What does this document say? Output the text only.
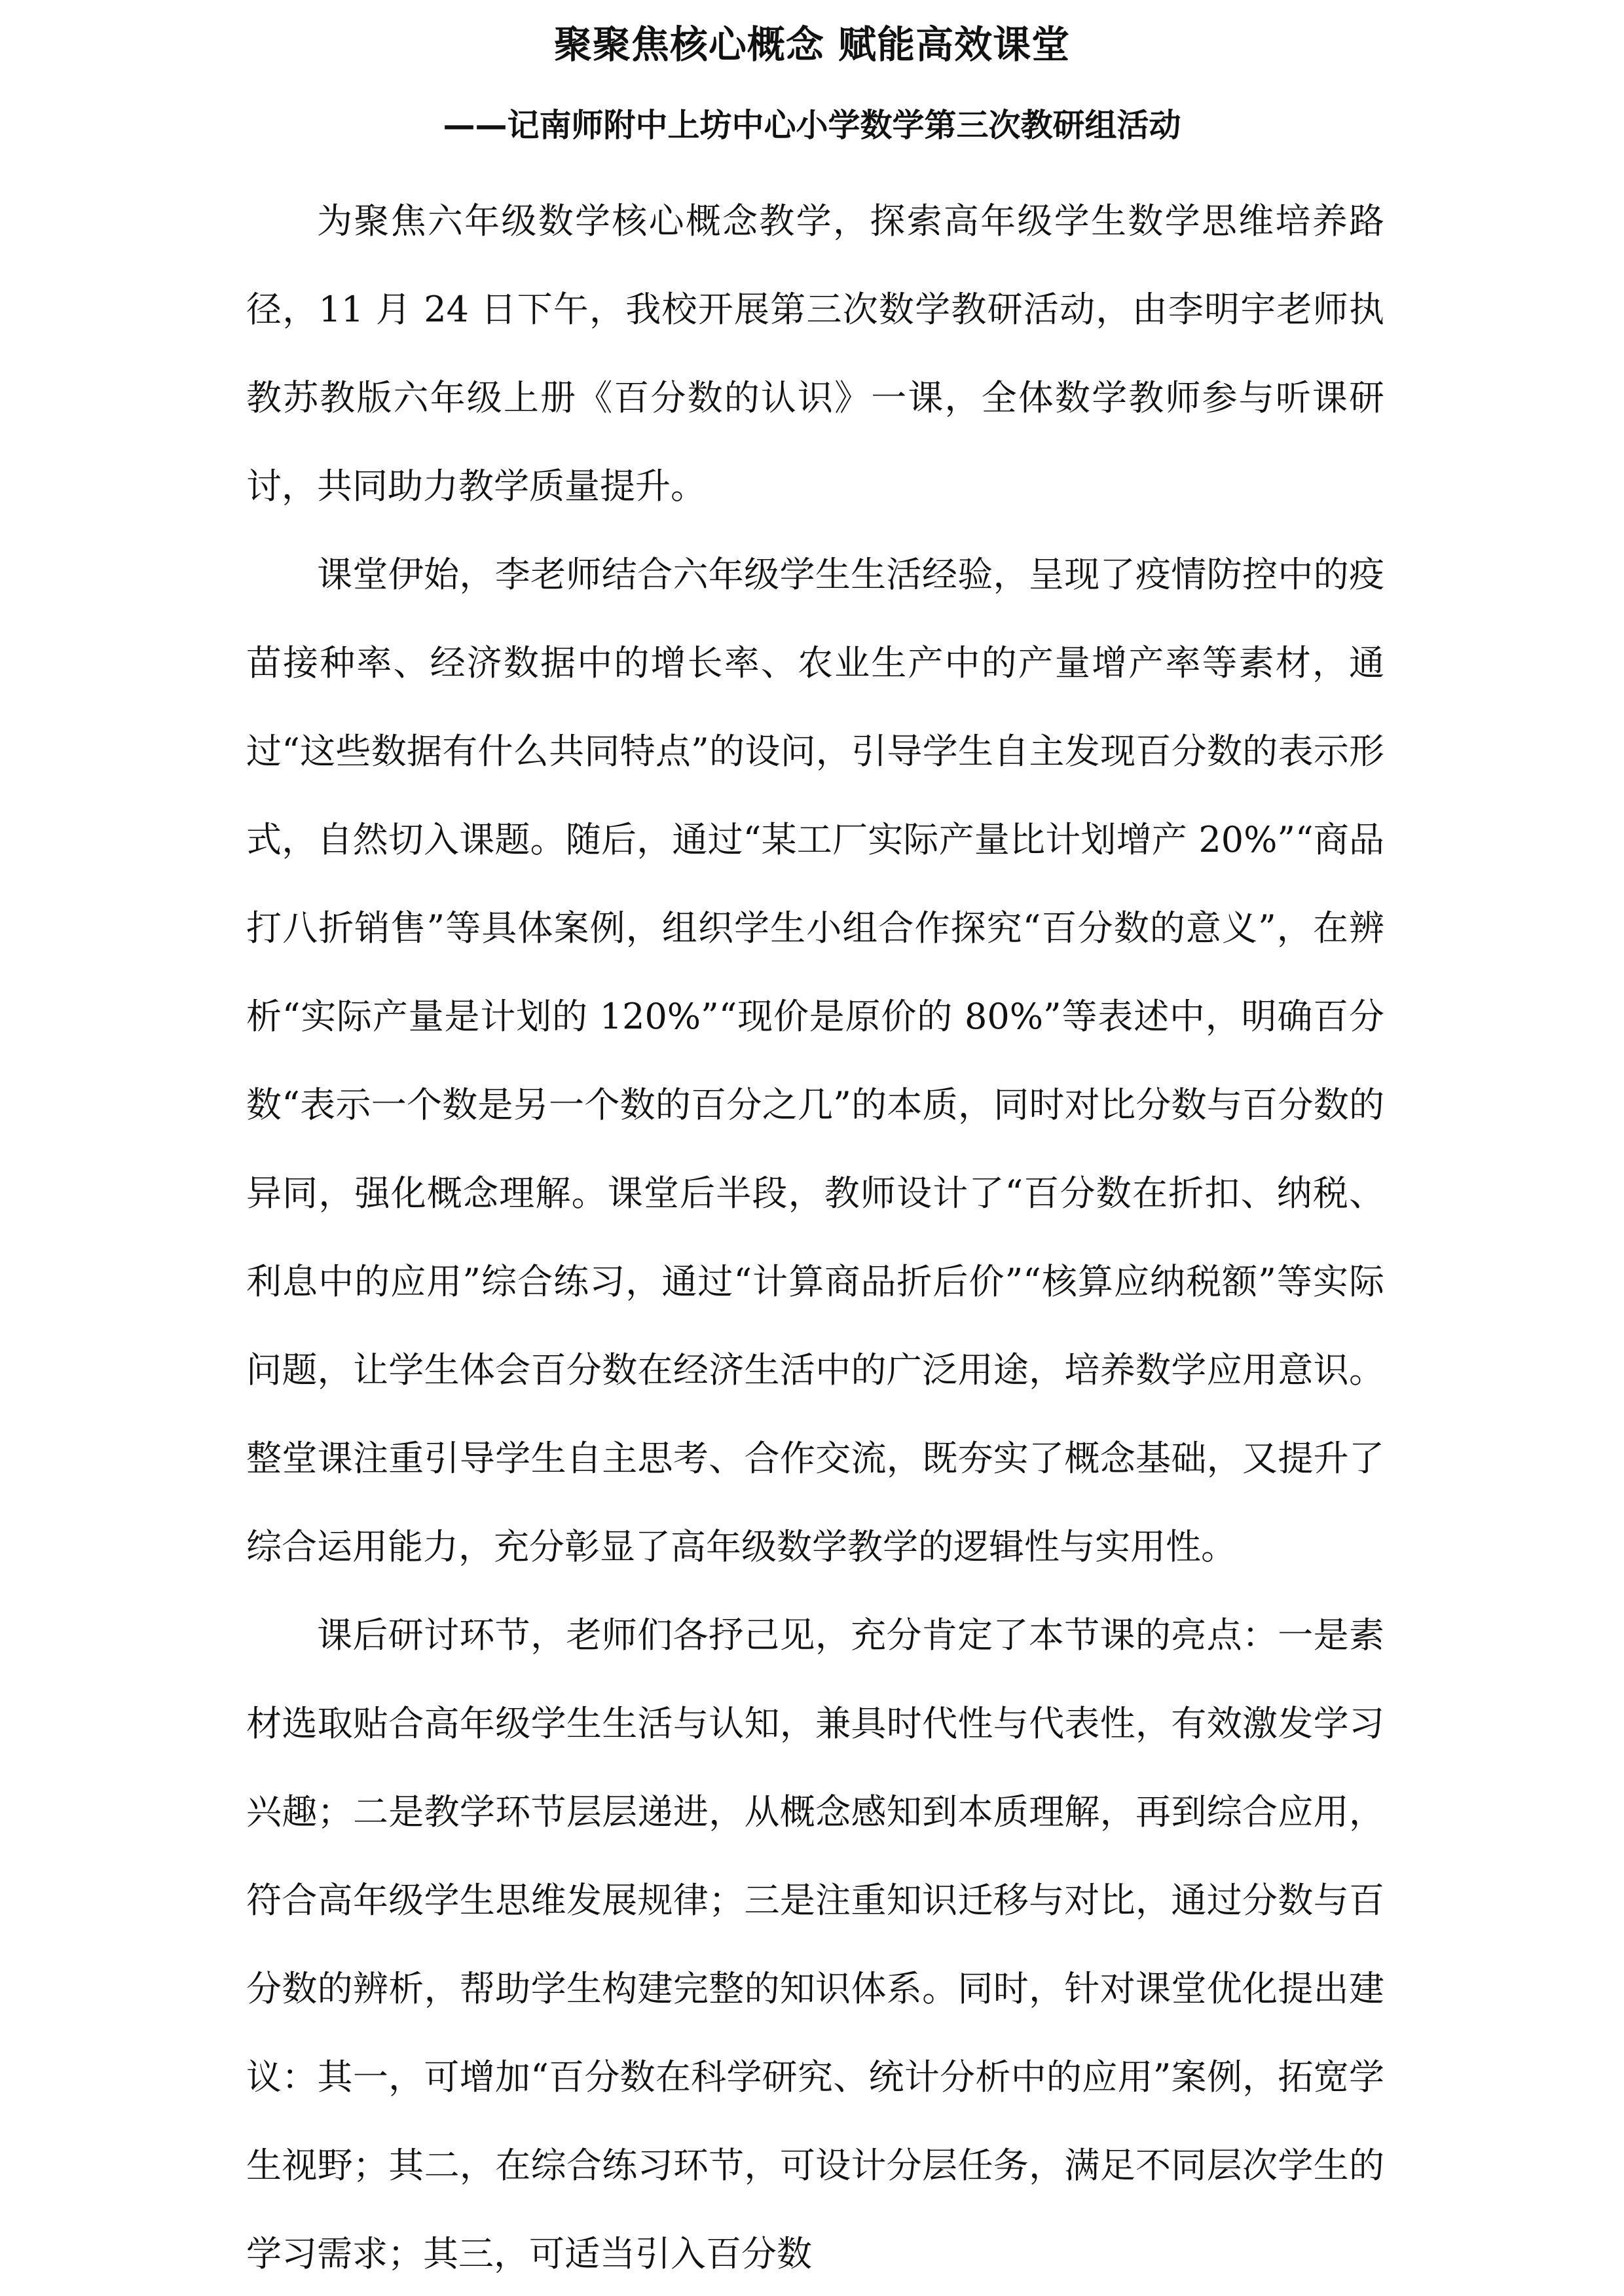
聚聚焦核心概念 赋能高效课堂
——记南师附中上坊中心小学数学第三次教研组活动

为聚焦六年级数学核心概念教学，探索高年级学生数学思维培养路径，11 月 24 日下午，我校开展第三次数学教研活动，由李明宇老师执教苏教版六年级上册《百分数的认识》一课，全体数学教师参与听课研讨，共同助力教学质量提升。

课堂伊始，李老师结合六年级学生生活经验，呈现了疫情防控中的疫苗接种率、经济数据中的增长率、农业生产中的产量增产率等素材，通过“这些数据有什么共同特点”的设问，引导学生自主发现百分数的表示形式，自然切入课题。随后，通过“某工厂实际产量比计划增产 20%”“商品打八折销售”等具体案例，组织学生小组合作探究“百分数的意义”，在辨析“实际产量是计划的 120%”“现价是原价的 80%”等表述中，明确百分数“表示一个数是另一个数的百分之几”的本质，同时对比分数与百分数的异同，强化概念理解。课堂后半段，教师设计了“百分数在折扣、纳税、利息中的应用”综合练习，通过“计算商品折后价”“核算应纳税额”等实际问题，让学生体会百分数在经济生活中的广泛用途，培养数学应用意识。整堂课注重引导学生自主思考、合作交流，既夯实了概念基础，又提升了综合运用能力，充分彰显了高年级数学教学的逻辑性与实用性。

课后研讨环节，老师们各抒己见，充分肯定了本节课的亮点：一是素材选取贴合高年级学生生活与认知，兼具时代性与代表性，有效激发学习兴趣；二是教学环节层层递进，从概念感知到本质理解，再到综合应用，符合高年级学生思维发展规律；三是注重知识迁移与对比，通过分数与百分数的辨析，帮助学生构建完整的知识体系。同时，针对课堂优化提出建议：其一，可增加“百分数在科学研究、统计分析中的应用”案例，拓宽学生视野；其二，在综合练习环节，可设计分层任务，满足不同层次学生的学习需求；其三，可适当引入百分数
